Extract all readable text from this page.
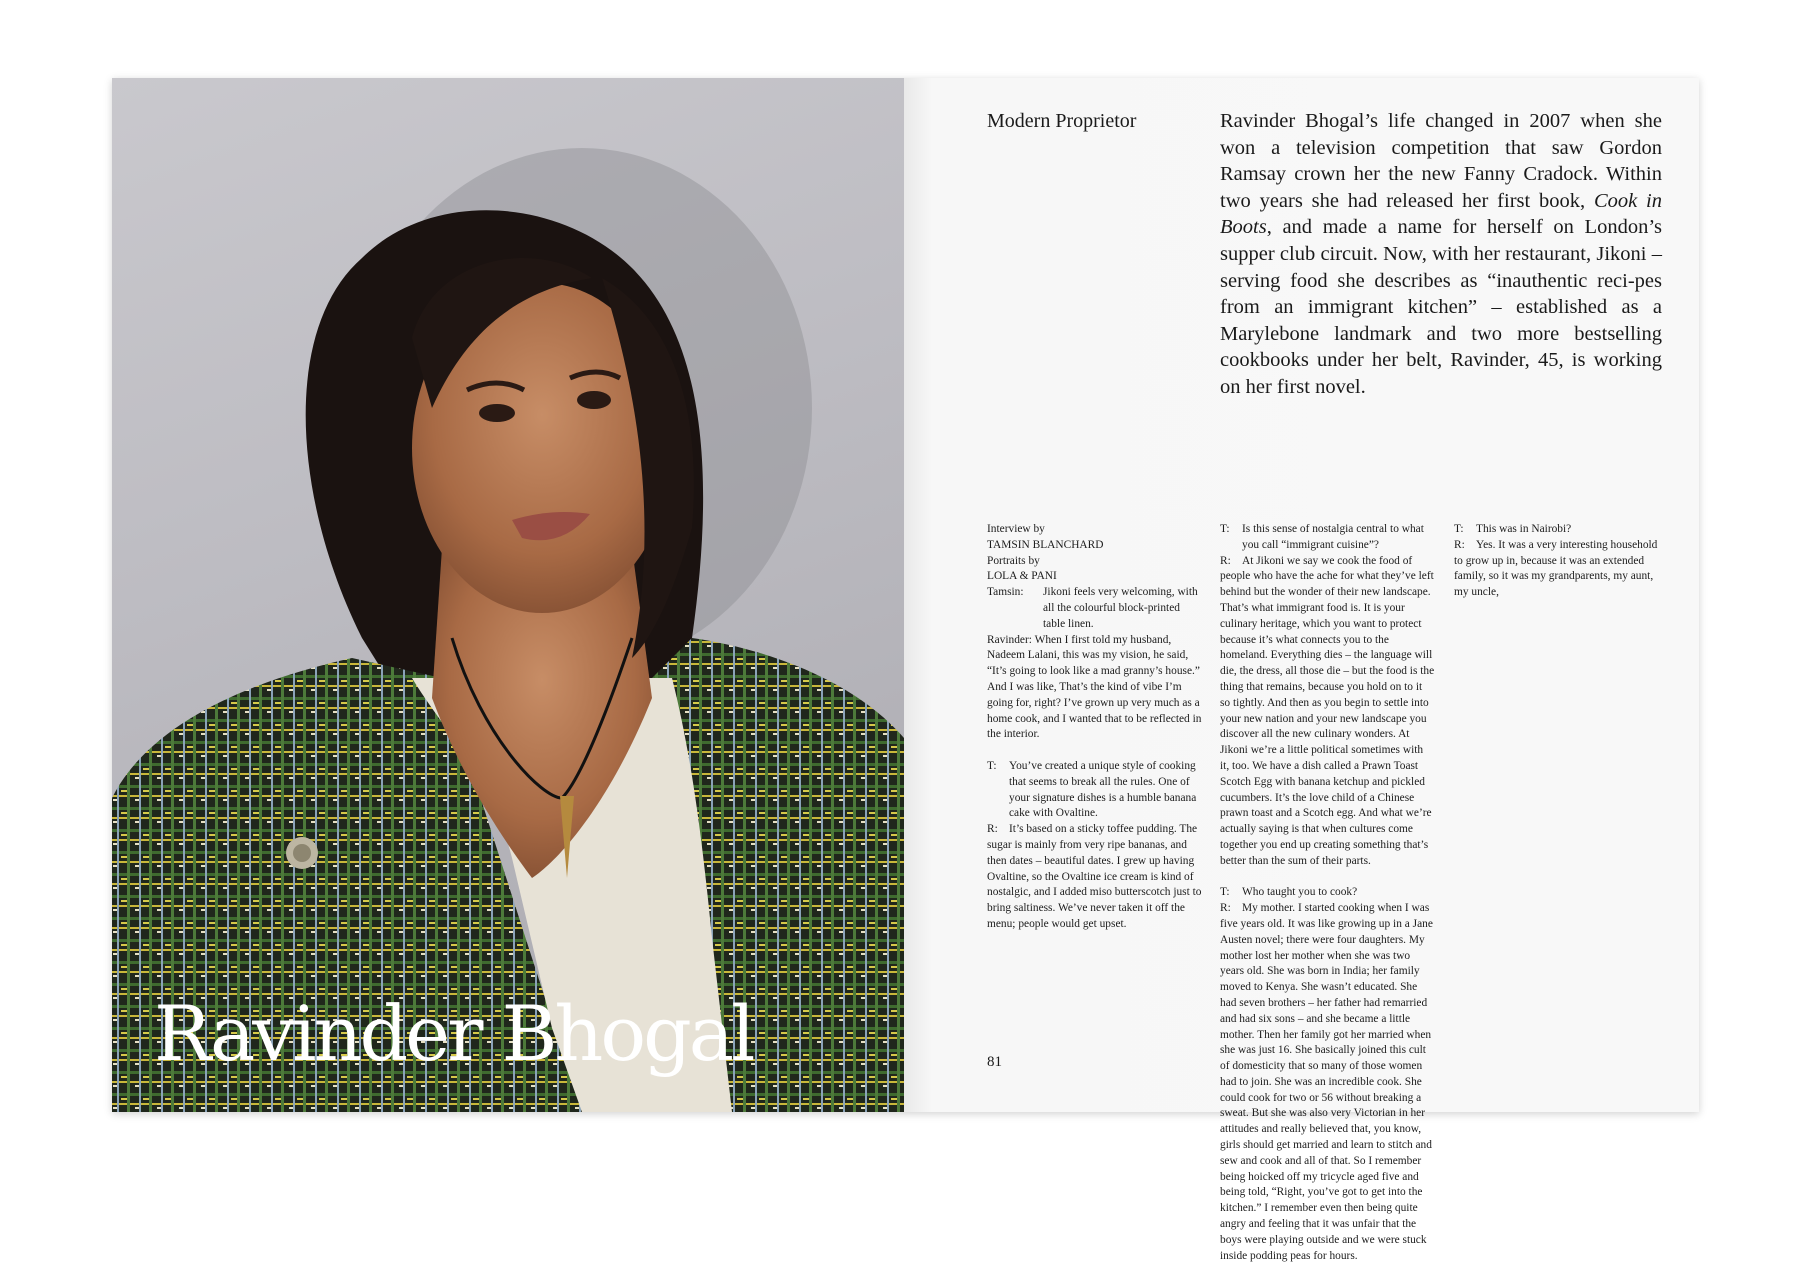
Ravinder Bhogal

Modern Proprietor	Ravinder Bhogal’s life changed in 2007 when she won a television competition that saw Gordon Ramsay crown her the new Fanny Cradock. Within two years she had released her first book, Cook in Boots, and made a name for herself on London’s supper club circuit. Now, with her restaurant, Jikoni – serving food she describes as “inauthentic reci-pes from an immigrant kitchen” – established as a Marylebone landmark and two more bestselling cookbooks under her belt, Ravinder, 45, is working on her first novel.

Interview by
TAMSIN BLANCHARD

Portraits by
LOLA & PANI

Tamsin: Jikoni feels very welcoming, with all the colourful block-printed table linen.

Ravinder: When I first told my husband, Nadeem Lalani, this was my vision, he said, “It’s going to look like a mad granny’s house.” And I was like, That’s the kind of vibe I’m going for, right? I’ve grown up very much as a home cook, and I wanted that to be reflected in the interior.

T: You’ve created a unique style of cooking that seems to break all the rules. One of your signature dishes is a humble banana cake with Ovaltine.

R: It’s based on a sticky toffee pudding. The sugar is mainly from very ripe bananas, and then dates – beautiful dates. I grew up having Ovaltine, so the Ovaltine ice cream is kind of nostalgic, and I added miso butterscotch just to bring saltiness. We’ve never taken it off the menu; people would get upset.

T: Is this sense of nostalgia central to what you call “immigrant cuisine”?

R: At Jikoni we say we cook the food of people who have the ache for what they’ve left behind but the wonder of their new landscape. That’s what immigrant food is. It is your culinary heritage, which you want to protect because it’s what connects you to the homeland. Everything dies – the language will die, the dress, all those die – but the food is the thing that remains, because you hold on to it so tightly. And then as you begin to settle into your new nation and your new landscape you discover all the new culinary wonders. At Jikoni we’re a little political sometimes with it, too. We have a dish called a Prawn Toast Scotch Egg with banana ketchup and pickled cucumbers. It’s the love child of a Chinese prawn toast and a Scotch egg. And what we’re actually saying is that when cultures come together you end up creating something that’s better than the sum of their parts.

T: Who taught you to cook?

R: My mother. I started cooking when I was five years old. It was like growing up in a Jane Austen novel; there were four daughters. My mother lost her mother when she was two years old. She was born in India; her family moved to Kenya. She wasn’t educated. She had seven brothers – her father had remarried and had six sons – and she became a little mother. Then her family got her married when she was just 16. She basically joined this cult of domesticity that so many of those women had to join. She was an incredible cook. She could cook for two or 56 without breaking a sweat. But she was also very Victorian in her attitudes and really believed that, you know, girls should get married and learn to stitch and sew and cook and all of that. So I remember being hoicked off my tricycle aged five and being told, “Right, you’ve got to get into the kitchen.” I remember even then being quite angry and feeling that it was unfair that the boys were playing outside and we were stuck inside podding peas for hours.

T: This was in Nairobi?

R: Yes. It was a very interesting household to grow up in, because it was an extended family, so it was my grandparents, my aunt, my uncle,

81
